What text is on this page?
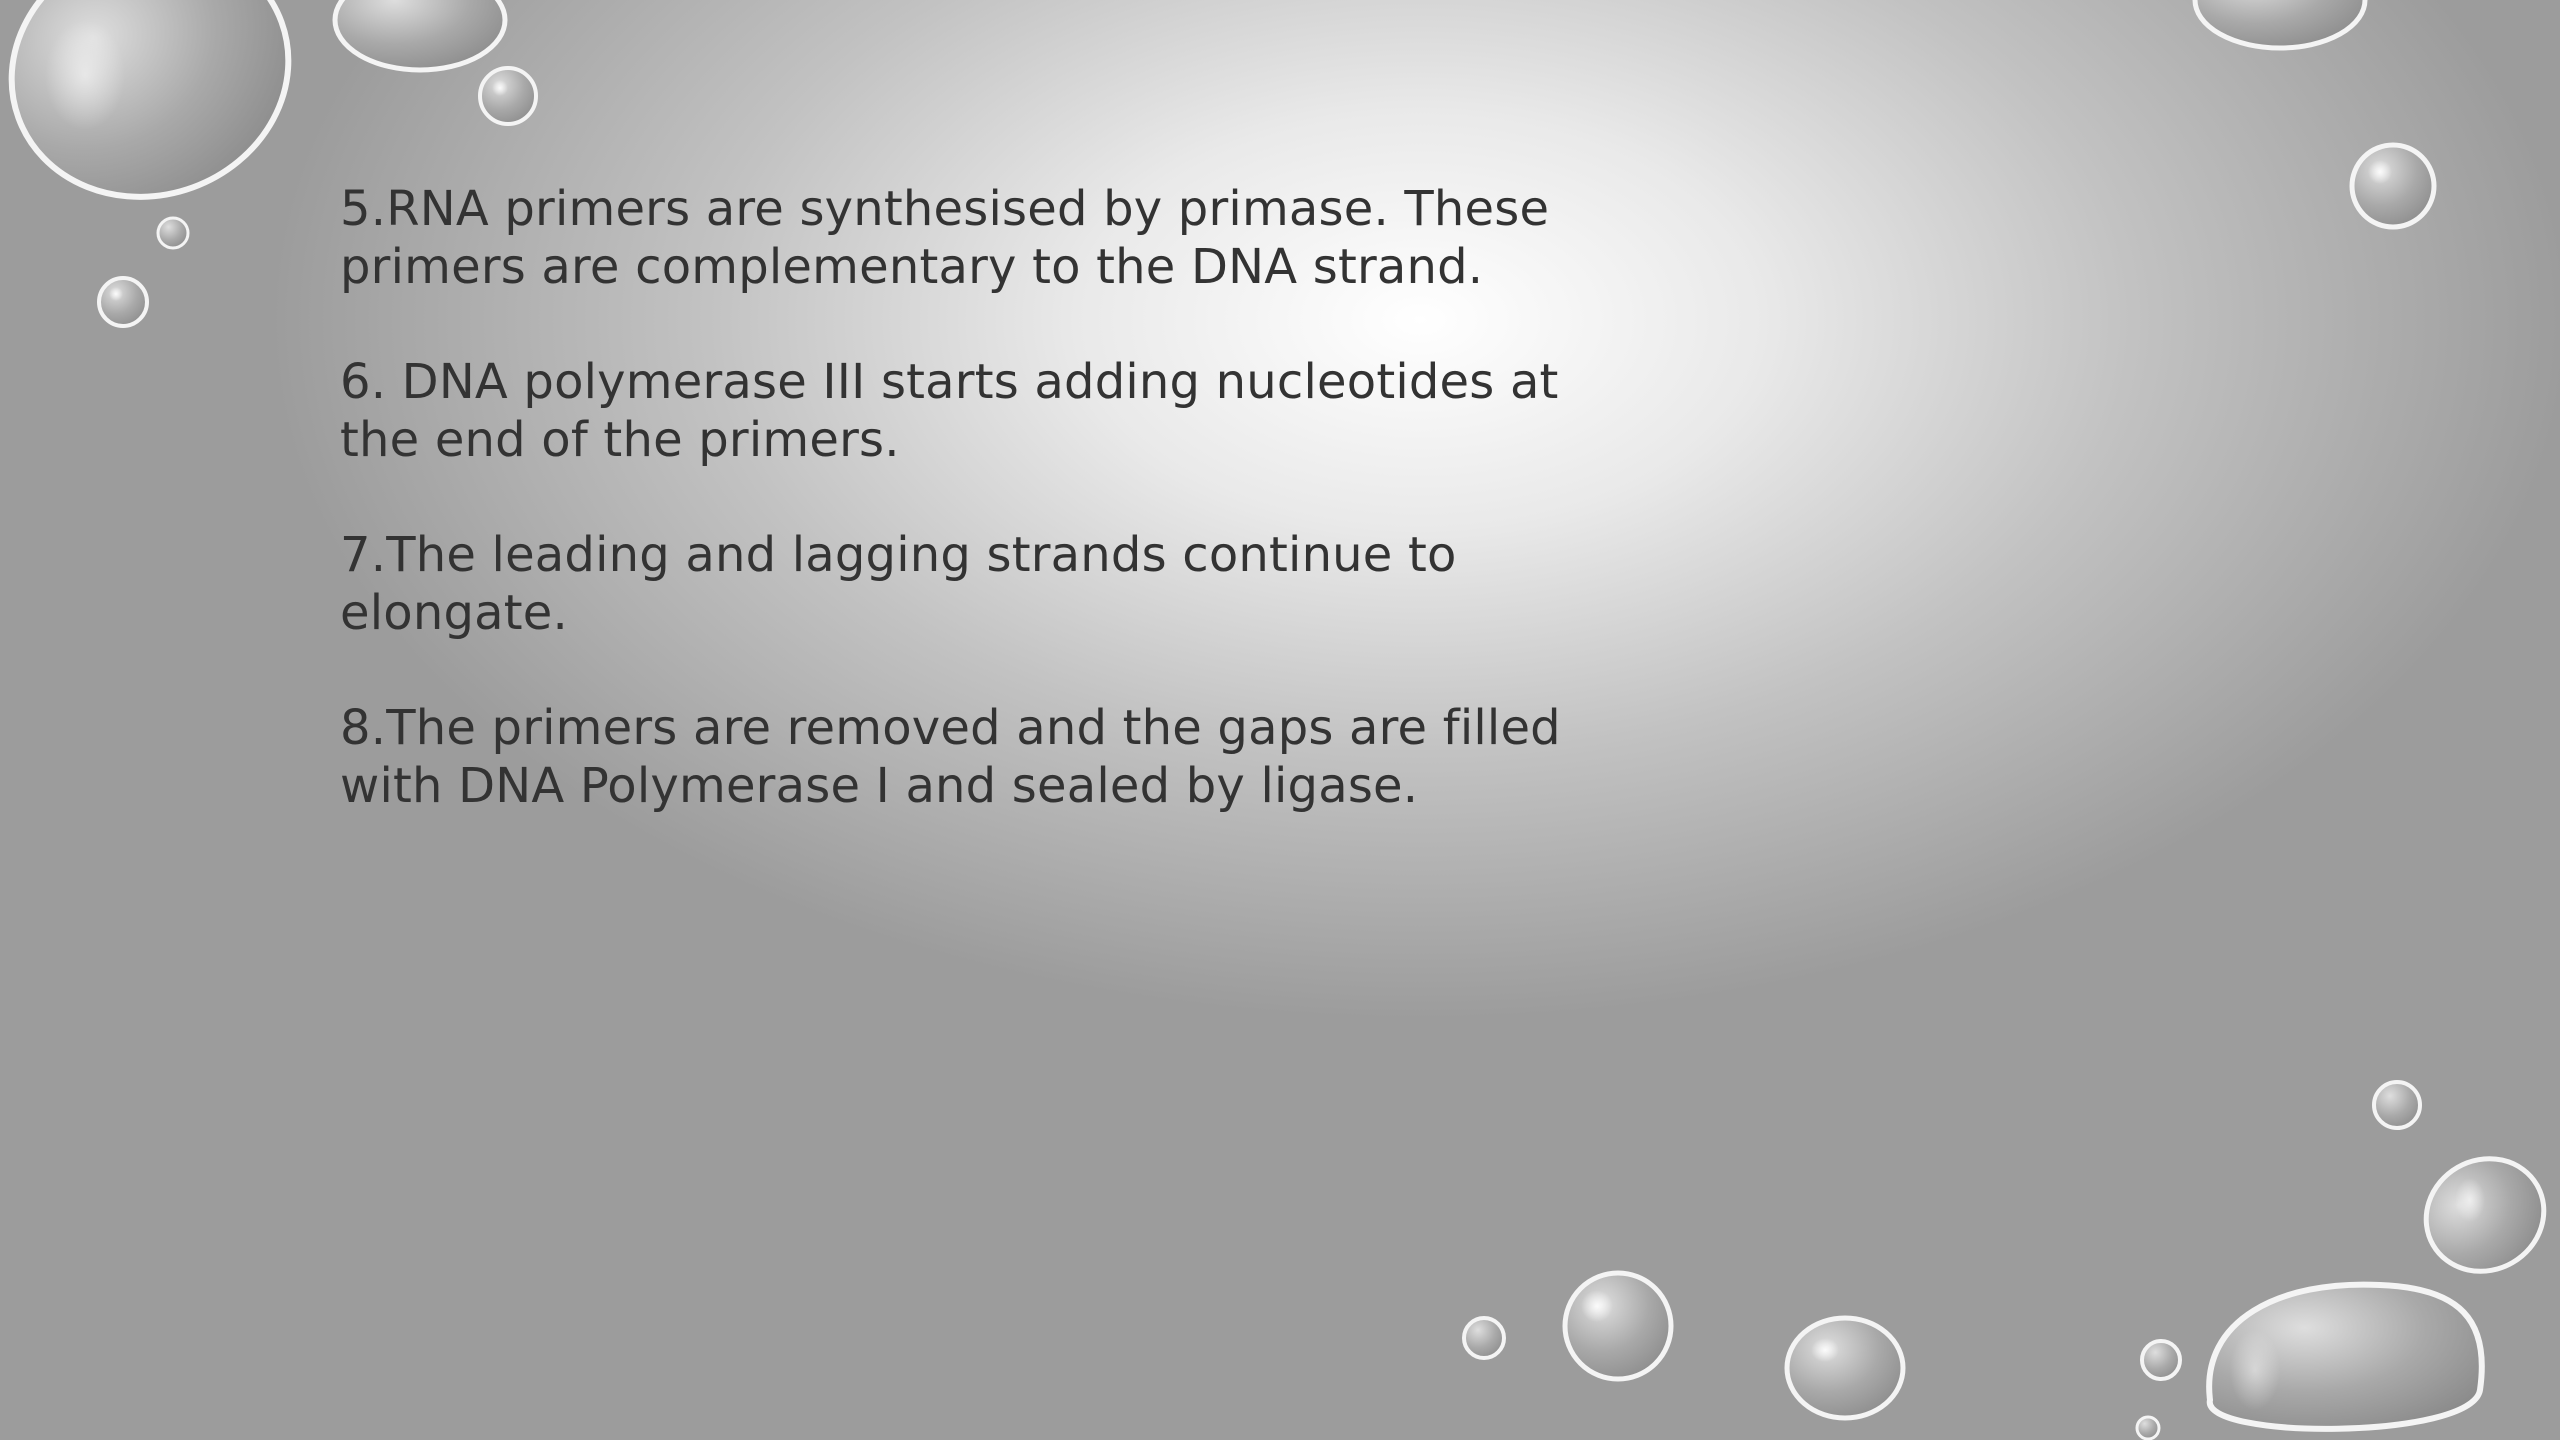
5.RNA primers are synthesised by primase. These
primers are complementary to the DNA strand.

6. DNA polymerase III starts adding nucleotides at
the end of the primers.

7.The leading and lagging strands continue to
elongate.

8.The primers are removed and the gaps are filled
with DNA Polymerase I and sealed by ligase.
